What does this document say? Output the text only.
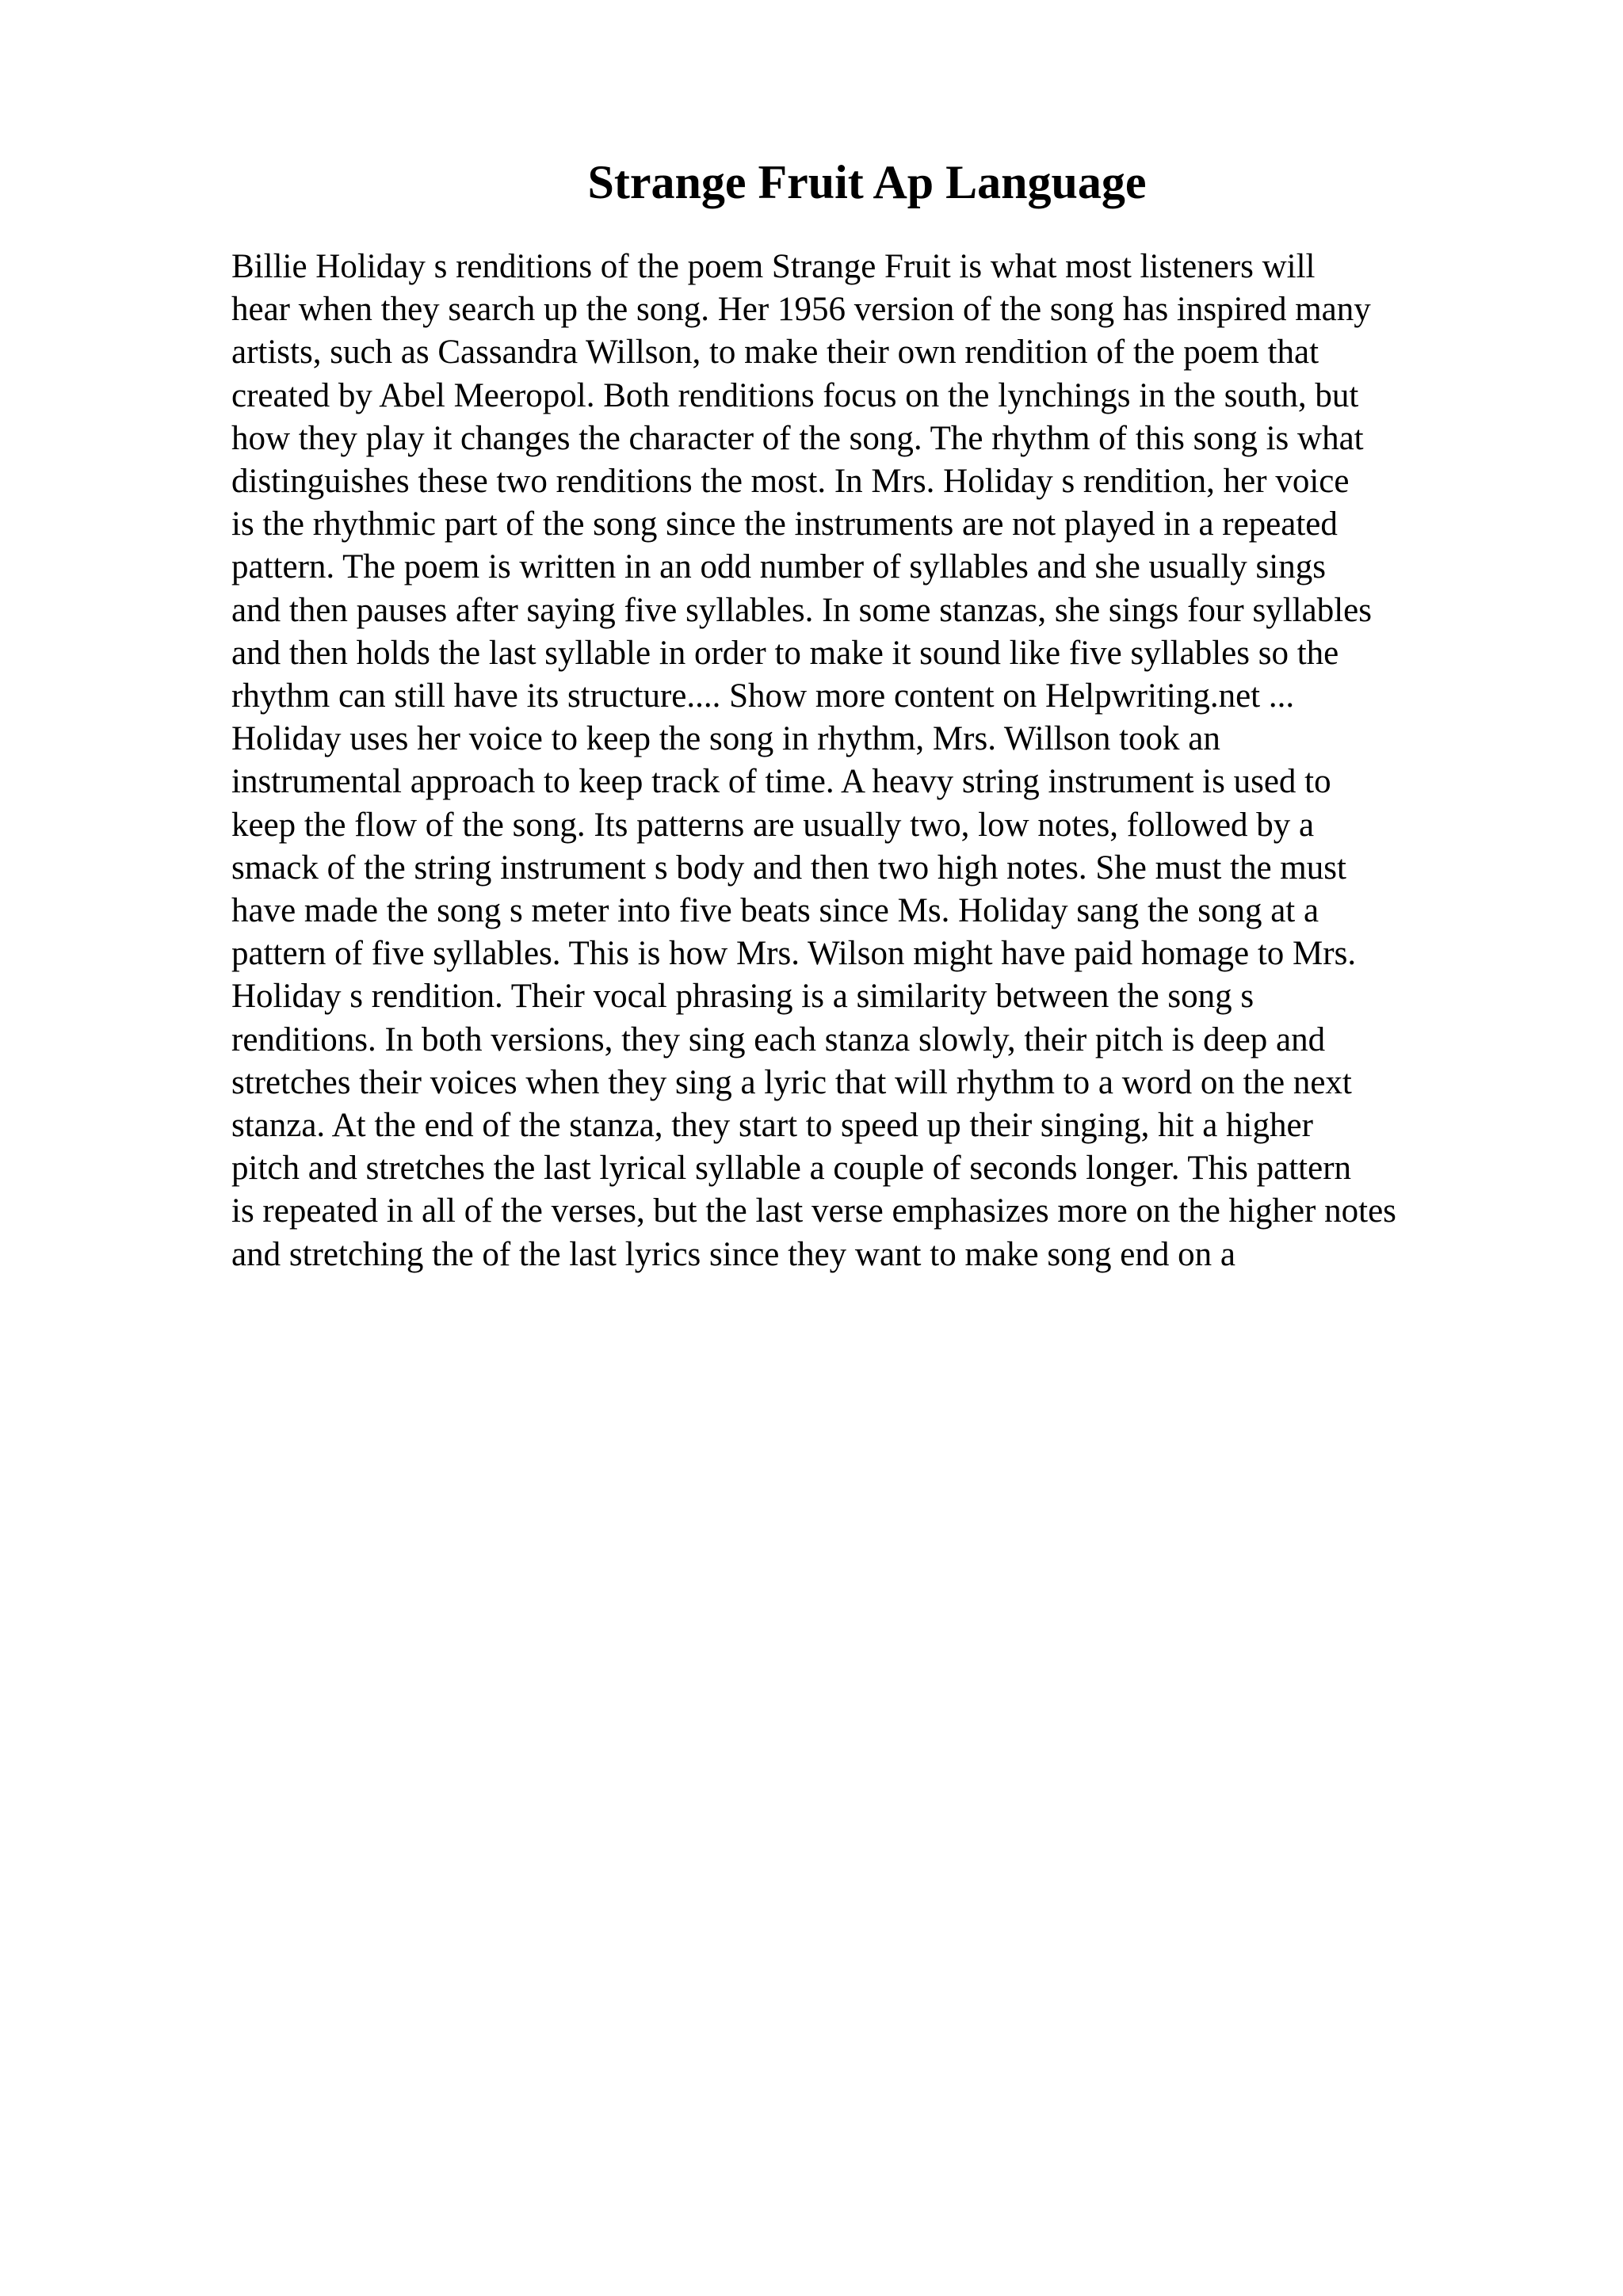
Strange Fruit Ap Language
Billie Holiday s renditions of the poem Strange Fruit is what most listeners will
hear when they search up the song. Her 1956 version of the song has inspired many
artists, such as Cassandra Willson, to make their own rendition of the poem that
created by Abel Meeropol. Both renditions focus on the lynchings in the south, but
how they play it changes the character of the song. The rhythm of this song is what
distinguishes these two renditions the most. In Mrs. Holiday s rendition, her voice
is the rhythmic part of the song since the instruments are not played in a repeated
pattern. The poem is written in an odd number of syllables and she usually sings
and then pauses after saying five syllables. In some stanzas, she sings four syllables
and then holds the last syllable in order to make it sound like five syllables so the
rhythm can still have its structure.... Show more content on Helpwriting.net ...
Holiday uses her voice to keep the song in rhythm, Mrs. Willson took an
instrumental approach to keep track of time. A heavy string instrument is used to
keep the flow of the song. Its patterns are usually two, low notes, followed by a
smack of the string instrument s body and then two high notes. She must the must
have made the song s meter into five beats since Ms. Holiday sang the song at a
pattern of five syllables. This is how Mrs. Wilson might have paid homage to Mrs.
Holiday s rendition. Their vocal phrasing is a similarity between the song s
renditions. In both versions, they sing each stanza slowly, their pitch is deep and
stretches their voices when they sing a lyric that will rhythm to a word on the next
stanza. At the end of the stanza, they start to speed up their singing, hit a higher
pitch and stretches the last lyrical syllable a couple of seconds longer. This pattern
is repeated in all of the verses, but the last verse emphasizes more on the higher notes
and stretching the of the last lyrics since they want to make song end on a
